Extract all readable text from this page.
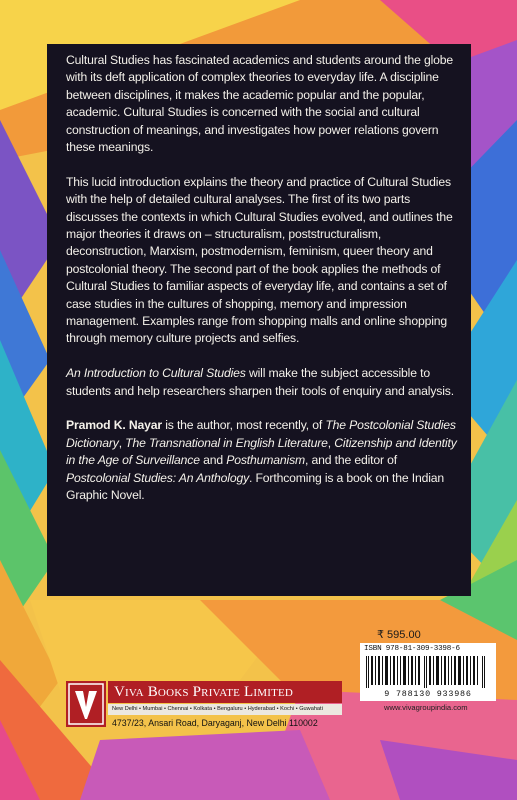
Cultural Studies has fascinated academics and students around the globe with its deft application of complex theories to everyday life. A discipline between disciplines, it makes the academic popular and the popular, academic. Cultural Studies is concerned with the social and cultural construction of meanings, and investigates how power relations govern these meanings.

This lucid introduction explains the theory and practice of Cultural Studies with the help of detailed cultural analyses. The first of its two parts discusses the contexts in which Cultural Studies evolved, and outlines the major theories it draws on – structuralism, poststructuralism, deconstruction, Marxism, postmodernism, feminism, queer theory and postcolonial theory. The second part of the book applies the methods of Cultural Studies to familiar aspects of everyday life, and contains a set of case studies in the cultures of shopping, memory and impression management. Examples range from shopping malls and online shopping through memory culture projects and selfies.

An Introduction to Cultural Studies will make the subject accessible to students and help researchers sharpen their tools of enquiry and analysis.

Pramod K. Nayar is the author, most recently, of The Postcolonial Studies Dictionary, The Transnational in English Literature, Citizenship and Identity in the Age of Surveillance and Posthumanism, and the editor of Postcolonial Studies: An Anthology. Forthcoming is a book on the Indian Graphic Novel.

₹ 595.00
ISBN 978-81-309-3398-6
9 788130 933986
www.vivagroupindia.com
Viva Books Private Limited
New Delhi • Mumbai • Chennai • Kolkata • Bengaluru • Hyderabad • Kochi • Guwahati
4737/23, Ansari Road, Daryaganj, New Delhi 110002
